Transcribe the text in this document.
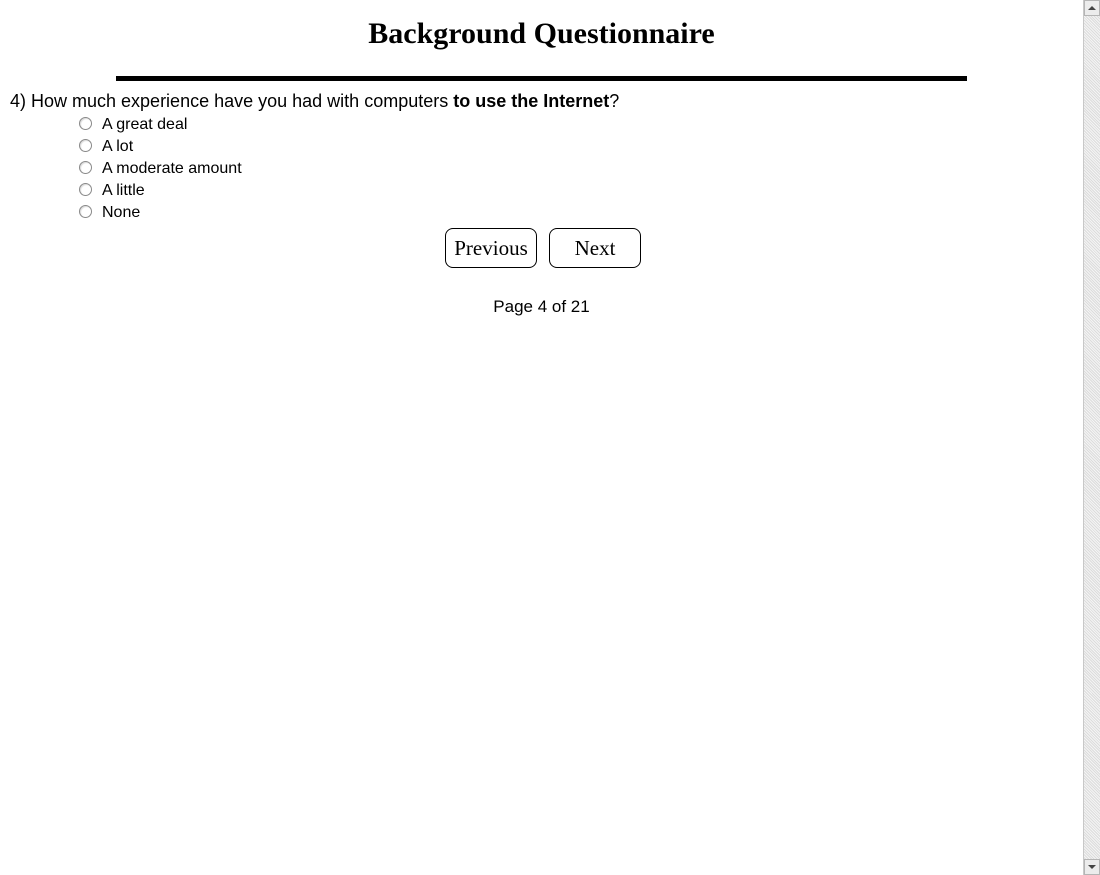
Background Questionnaire
4) How much experience have you had with computers to use the Internet?
A great deal
A lot
A moderate amount
A little
None
Previous	Next
Page 4 of 21
